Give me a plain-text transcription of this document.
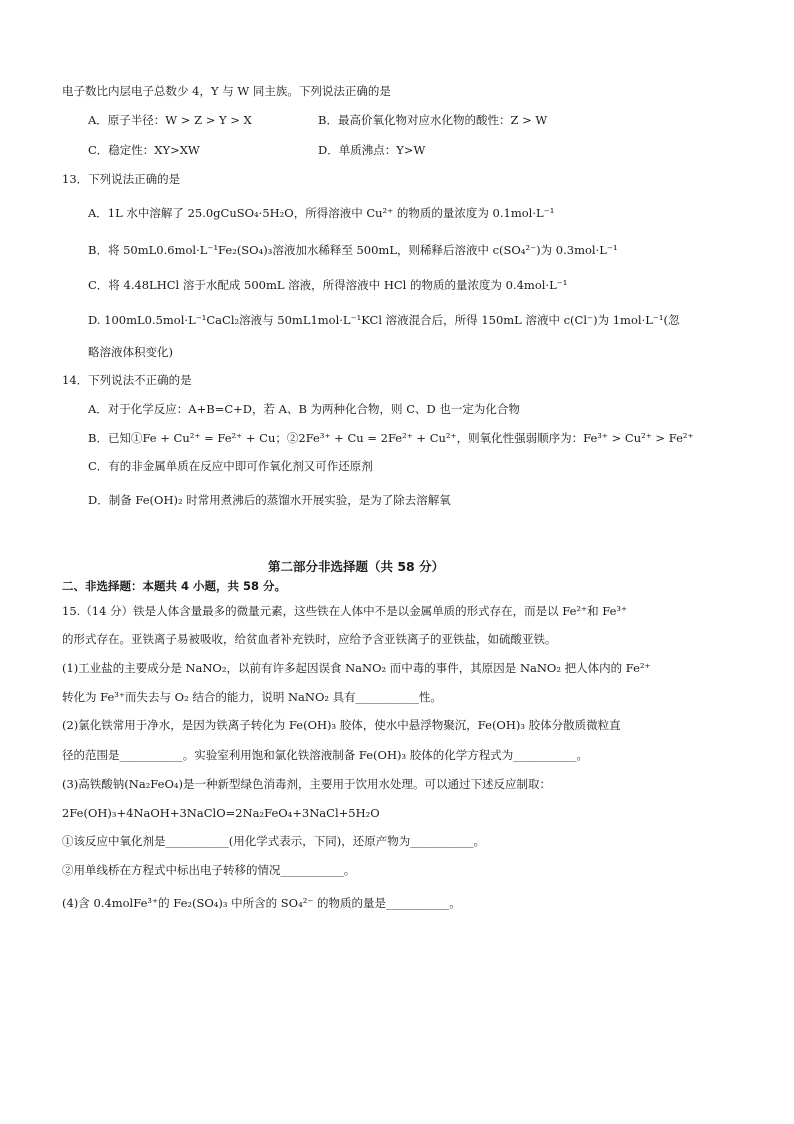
电子数比内层电子总数少 4，Y 与 W 同主族。下列说法正确的是
A．原子半径：W > Z > Y > X	B．最高价氧化物对应水化物的酸性：Z > W
C．稳定性：XY>XW	D．单质沸点：Y>W
13．下列说法正确的是
A．1L 水中溶解了 25.0gCuSO₄·5H₂O，所得溶液中 Cu²⁺ 的物质的量浓度为 0.1mol·L⁻¹
B．将 50mL0.6mol·L⁻¹Fe₂(SO₄)₃溶液加水稀释至 500mL，则稀释后溶液中 c(SO₄²⁻)为 0.3mol·L⁻¹
C．将 4.48LHCl 溶于水配成 500mL 溶液，所得溶液中 HCl 的物质的量浓度为 0.4mol·L⁻¹
D. 100mL0.5mol·L⁻¹CaCl₂溶液与 50mL1mol·L⁻¹KCl 溶液混合后，所得 150mL 溶液中 c(Cl⁻)为 1mol·L⁻¹(忽
略溶液体积变化)
14．下列说法不正确的是
A．对于化学反应：A+B=C+D，若 A、B 为两种化合物，则 C、D 也一定为化合物
B．已知①Fe + Cu²⁺ = Fe²⁺ + Cu；②2Fe³⁺ + Cu = 2Fe²⁺ + Cu²⁺，则氧化性强弱顺序为：Fe³⁺ > Cu²⁺ > Fe²⁺
C．有的非金属单质在反应中即可作氧化剂又可作还原剂
D．制备 Fe(OH)₂ 时常用煮沸后的蒸馏水开展实验，是为了除去溶解氧
第二部分非选择题（共 58 分）
二、非选择题：本题共 4 小题，共 58 分。
15.（14 分）铁是人体含量最多的微量元素，这些铁在人体中不是以金属单质的形式存在，而是以 Fe²⁺和 Fe³⁺
的形式存在。亚铁离子易被吸收，给贫血者补充铁时，应给予含亚铁离子的亚铁盐，如硫酸亚铁。
(1)工业盐的主要成分是 NaNO₂，以前有许多起因误食 NaNO₂ 而中毒的事件，其原因是 NaNO₂ 把人体内的 Fe²⁺
转化为 Fe³⁺而失去与 O₂ 结合的能力，说明 NaNO₂ 具有___________性。
(2)氯化铁常用于净水，是因为铁离子转化为 Fe(OH)₃ 胶体，使水中悬浮物聚沉，Fe(OH)₃ 胶体分散质微粒直
径的范围是___________。实验室利用饱和氯化铁溶液制备 Fe(OH)₃ 胶体的化学方程式为___________。
(3)高铁酸钠(Na₂FeO₄)是一种新型绿色消毒剂，主要用于饮用水处理。可以通过下述反应制取：
2Fe(OH)₃+4NaOH+3NaClO=2Na₂FeO₄+3NaCl+5H₂O
①该反应中氧化剂是___________(用化学式表示，下同)，还原产物为___________。
②用单线桥在方程式中标出电子转移的情况___________。
(4)含 0.4molFe³⁺的 Fe₂(SO₄)₃ 中所含的 SO₄²⁻ 的物质的量是___________。
